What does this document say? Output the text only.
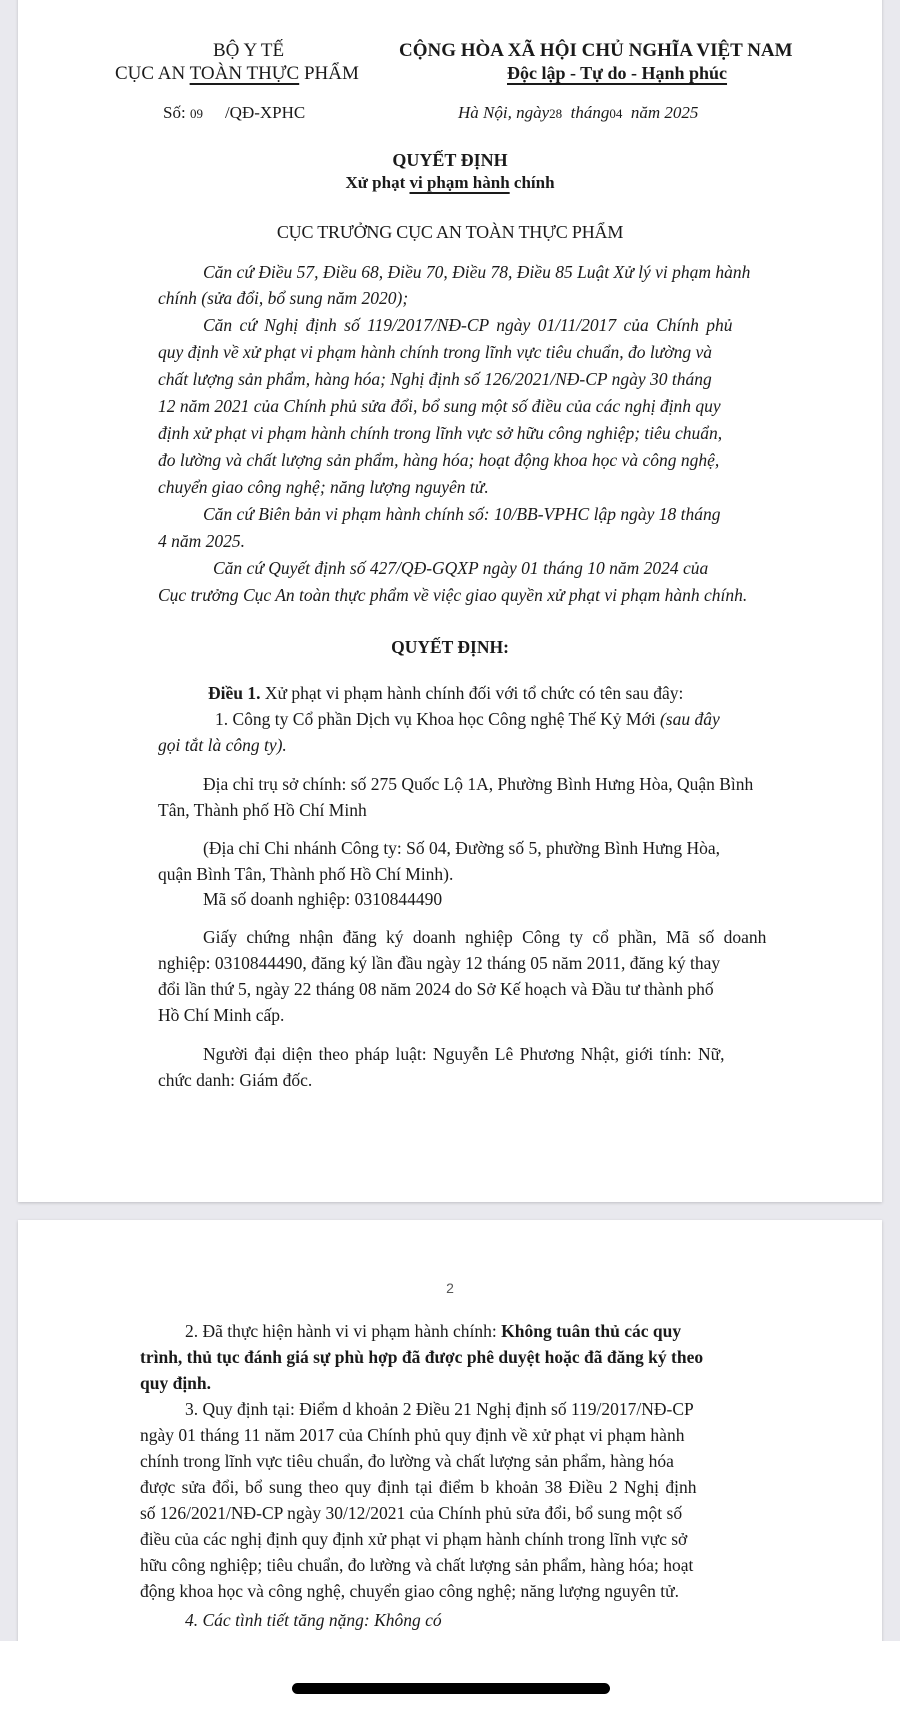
BỘ Y TẾ
CỤC AN TOÀN THỰC PHẨM
CỘNG HÒA XÃ HỘI CHỦ NGHĨA VIỆT NAM
Độc lập - Tự do - Hạnh phúc
Số: 09 /QĐ-XPHC	Hà Nội, ngày28 tháng04 năm 2025
QUYẾT ĐỊNH
Xử phạt vi phạm hành chính
CỤC TRƯỞNG CỤC AN TOÀN THỰC PHẨM
Căn cứ Điều 57, Điều 68, Điều 70, Điều 78, Điều 85 Luật Xử lý vi phạm hành
chính (sửa đổi, bổ sung năm 2020);
Căn cứ Nghị định số 119/2017/NĐ-CP ngày 01/11/2017 của Chính phủ
quy định về xử phạt vi phạm hành chính trong lĩnh vực tiêu chuẩn, đo lường và
chất lượng sản phẩm, hàng hóa; Nghị định số 126/2021/NĐ-CP ngày 30 tháng
12 năm 2021 của Chính phủ sửa đổi, bổ sung một số điều của các nghị định quy
định xử phạt vi phạm hành chính trong lĩnh vực sở hữu công nghiệp; tiêu chuẩn,
đo lường và chất lượng sản phẩm, hàng hóa; hoạt động khoa học và công nghệ,
chuyển giao công nghệ; năng lượng nguyên tử.
Căn cứ Biên bản vi phạm hành chính số: 10/BB-VPHC lập ngày 18 tháng
4 năm 2025.
Căn cứ Quyết định số 427/QĐ-GQXP ngày 01 tháng 10 năm 2024 của
Cục trưởng Cục An toàn thực phẩm về việc giao quyền xử phạt vi phạm hành chính.
QUYẾT ĐỊNH:
Điều 1. Xử phạt vi phạm hành chính đối với tổ chức có tên sau đây:
1. Công ty Cổ phần Dịch vụ Khoa học Công nghệ Thế Kỷ Mới (sau đây
gọi tắt là công ty).
Địa chỉ trụ sở chính: số 275 Quốc Lộ 1A, Phường Bình Hưng Hòa, Quận Bình
Tân, Thành phố Hồ Chí Minh
(Địa chỉ Chi nhánh Công ty: Số 04, Đường số 5, phường Bình Hưng Hòa,
quận Bình Tân, Thành phố Hồ Chí Minh).
Mã số doanh nghiệp: 0310844490
Giấy chứng nhận đăng ký doanh nghiệp Công ty cổ phần, Mã số doanh
nghiệp: 0310844490, đăng ký lần đầu ngày 12 tháng 05 năm 2011, đăng ký thay
đổi lần thứ 5, ngày 22 tháng 08 năm 2024 do Sở Kế hoạch và Đầu tư thành phố
Hồ Chí Minh cấp.
Người đại diện theo pháp luật: Nguyễn Lê Phương Nhật, giới tính: Nữ,
chức danh: Giám đốc.
2
2. Đã thực hiện hành vi vi phạm hành chính: Không tuân thủ các quy
trình, thủ tục đánh giá sự phù hợp đã được phê duyệt hoặc đã đăng ký theo
quy định.
3. Quy định tại: Điểm d khoản 2 Điều 21 Nghị định số 119/2017/NĐ-CP
ngày 01 tháng 11 năm 2017 của Chính phủ quy định về xử phạt vi phạm hành
chính trong lĩnh vực tiêu chuẩn, đo lường và chất lượng sản phẩm, hàng hóa
được sửa đổi, bổ sung theo quy định tại điểm b khoản 38 Điều 2 Nghị định
số 126/2021/NĐ-CP ngày 30/12/2021 của Chính phủ sửa đổi, bổ sung một số
điều của các nghị định quy định xử phạt vi phạm hành chính trong lĩnh vực sở
hữu công nghiệp; tiêu chuẩn, đo lường và chất lượng sản phẩm, hàng hóa; hoạt
động khoa học và công nghệ, chuyển giao công nghệ; năng lượng nguyên tử.
4. Các tình tiết tăng nặng: Không có
